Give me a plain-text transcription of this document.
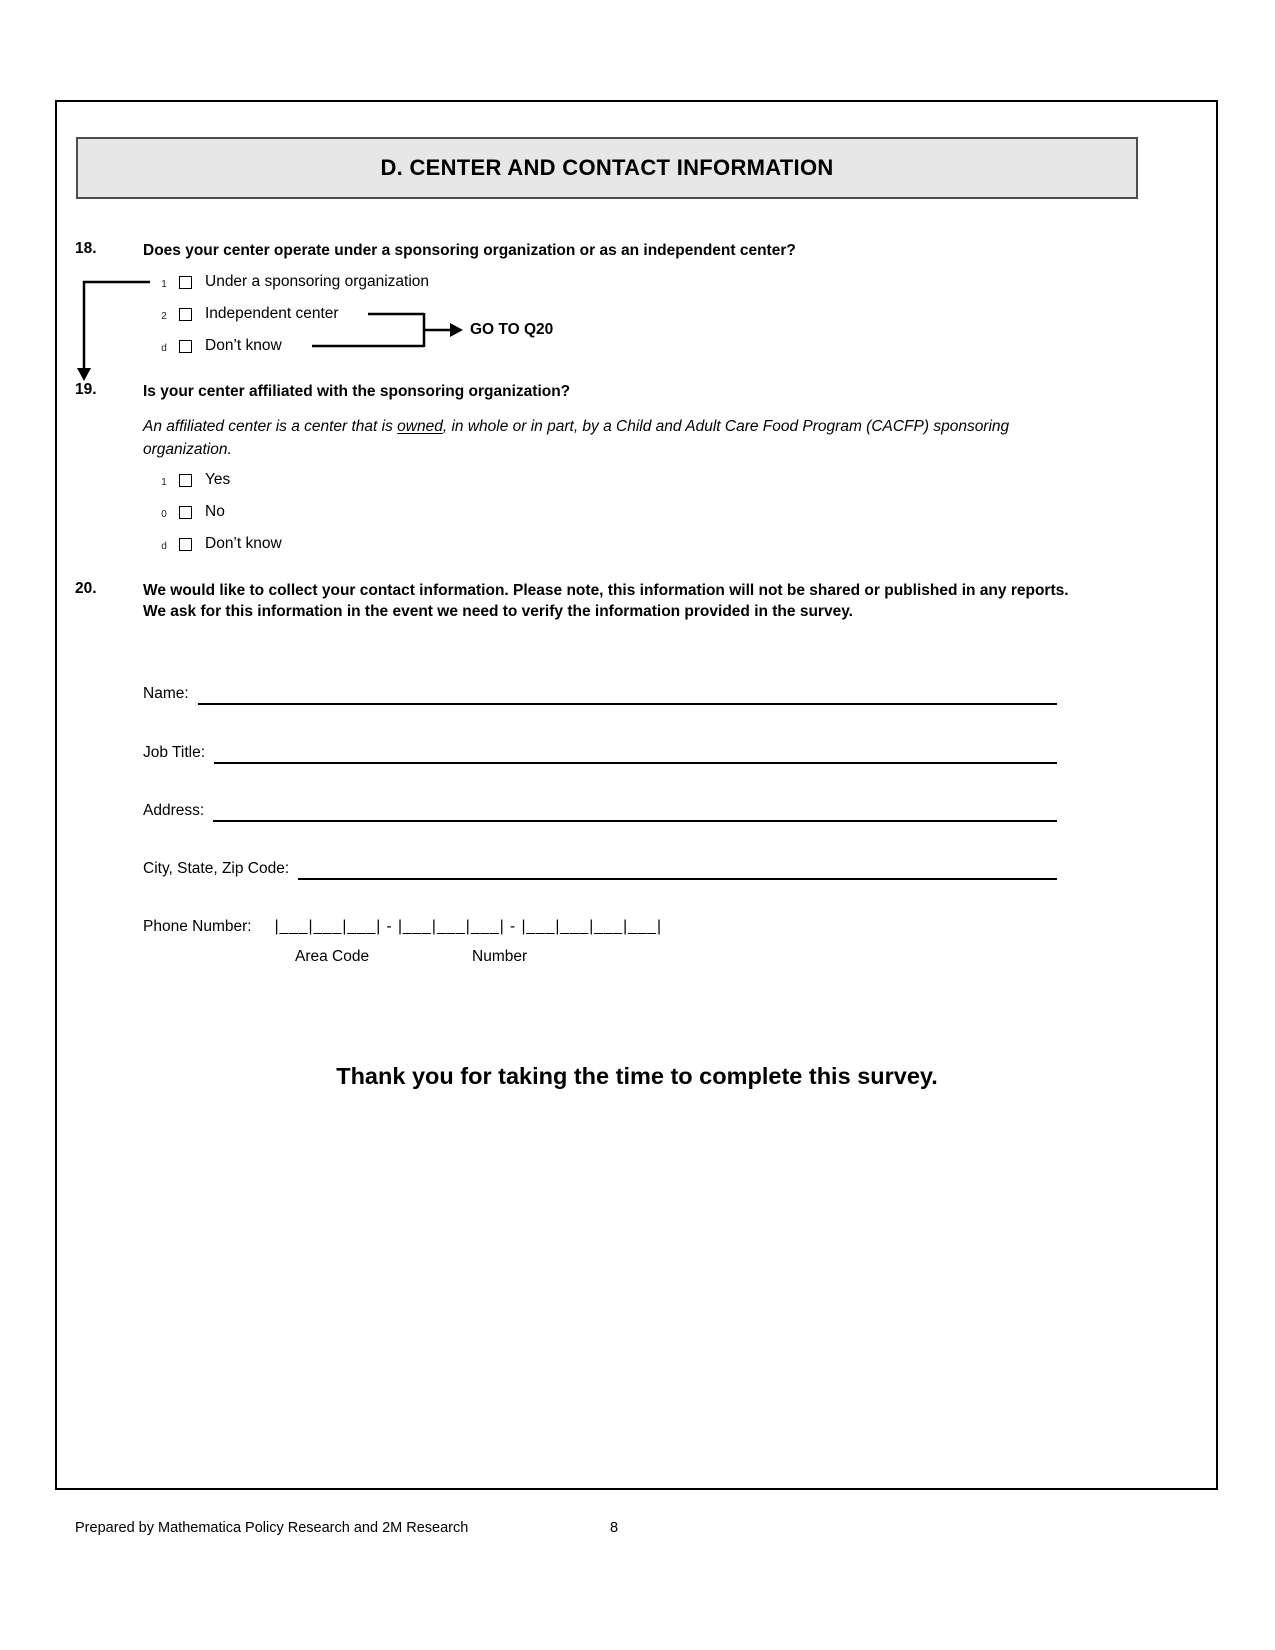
D. CENTER AND CONTACT INFORMATION
18.	Does your center operate under a sponsoring organization or as an independent center?
1 Under a sponsoring organization
2 Independent center
d Don’t know
GO TO Q20
19.	Is your center affiliated with the sponsoring organization?
An affiliated center is a center that is owned, in whole or in part, by a Child and Adult Care Food Program (CACFP) sponsoring organization.
1 Yes
0 No
d Don’t know
20.	We would like to collect your contact information. Please note, this information will not be shared or published in any reports. We ask for this information in the event we need to verify the information provided in the survey.
Name:
Job Title:
Address:
City, State, Zip Code:
Phone Number:	|___|___|___| - |___|___|___| - |___|___|___|___|
Area Code	Number
Thank you for taking the time to complete this survey.
Prepared by Mathematica Policy Research and 2M Research	8
